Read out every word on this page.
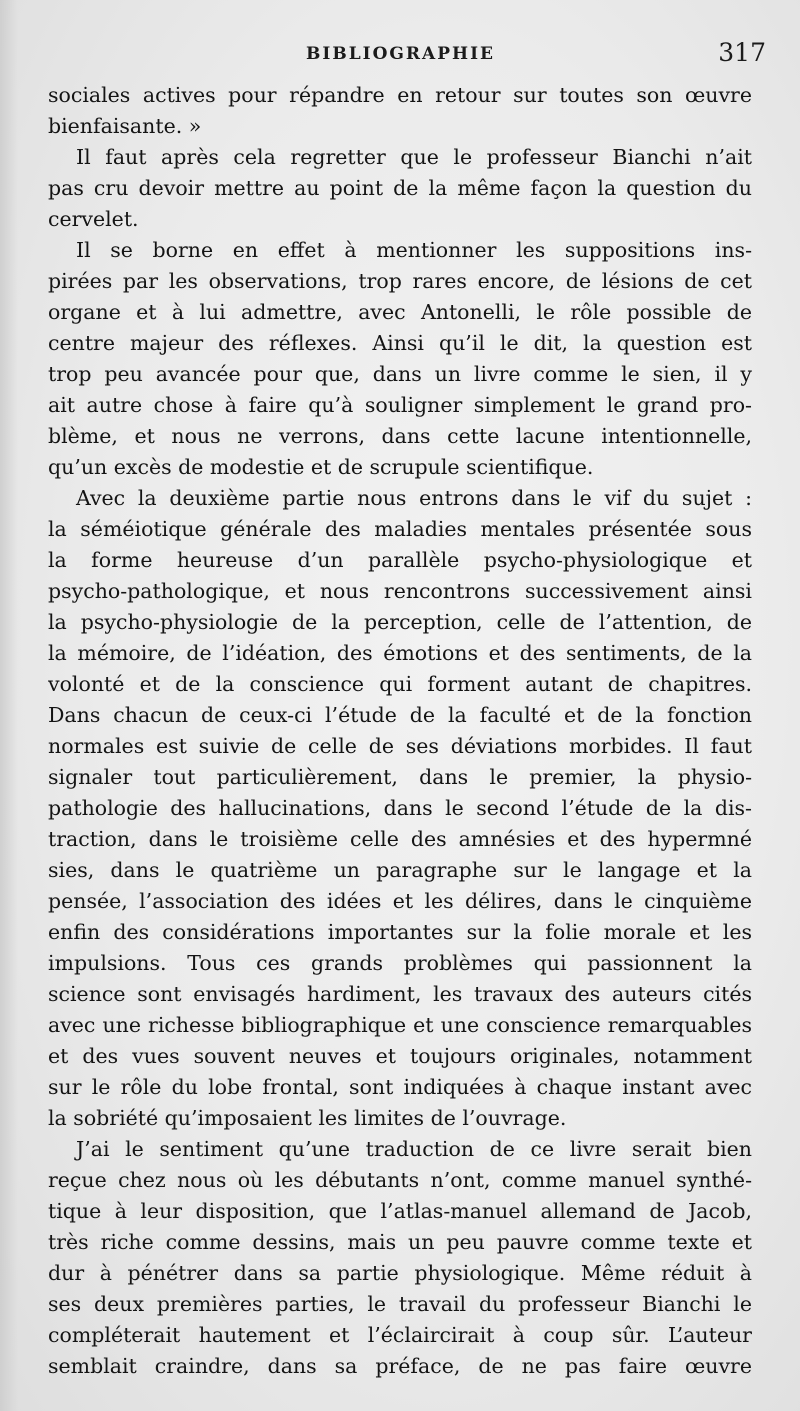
BIBLIOGRAPHIE	317
sociales actives pour répandre en retour sur toutes son œuvre
bienfaisante. »
Il faut après cela regretter que le professeur Bianchi n’ait
pas cru devoir mettre au point de la même façon la question du
cervelet.
Il se borne en effet à mentionner les suppositions ins-
pirées par les observations, trop rares encore, de lésions de cet
organe et à lui admettre, avec Antonelli, le rôle possible de
centre majeur des réflexes. Ainsi qu’il le dit, la question est
trop peu avancée pour que, dans un livre comme le sien, il y
ait autre chose à faire qu’à souligner simplement le grand pro-
blème, et nous ne verrons, dans cette lacune intentionnelle,
qu’un excès de modestie et de scrupule scientifique.
Avec la deuxième partie nous entrons dans le vif du sujet :
la séméiotique générale des maladies mentales présentée sous
la forme heureuse d’un parallèle psycho-physiologique et
psycho-pathologique, et nous rencontrons successivement ainsi
la psycho-physiologie de la perception, celle de l’attention, de
la mémoire, de l’idéation, des émotions et des sentiments, de la
volonté et de la conscience qui forment autant de chapitres.
Dans chacun de ceux-ci l’étude de la faculté et de la fonction
normales est suivie de celle de ses déviations morbides. Il faut
signaler tout particulièrement, dans le premier, la physio-
pathologie des hallucinations, dans le second l’étude de la dis-
traction, dans le troisième celle des amnésies et des hypermné
sies, dans le quatrième un paragraphe sur le langage et la
pensée, l’association des idées et les délires, dans le cinquième
enfin des considérations importantes sur la folie morale et les
impulsions. Tous ces grands problèmes qui passionnent la
science sont envisagés hardiment, les travaux des auteurs cités
avec une richesse bibliographique et une conscience remarquables
et des vues souvent neuves et toujours originales, notamment
sur le rôle du lobe frontal, sont indiquées à chaque instant avec
la sobriété qu’imposaient les limites de l’ouvrage.
J’ai le sentiment qu’une traduction de ce livre serait bien
reçue chez nous où les débutants n’ont, comme manuel synthé-
tique à leur disposition, que l’atlas-manuel allemand de Jacob,
très riche comme dessins, mais un peu pauvre comme texte et
dur à pénétrer dans sa partie physiologique. Même réduit à
ses deux premières parties, le travail du professeur Bianchi le
compléterait hautement et l’éclaircirait à coup sûr. L’auteur
semblait craindre, dans sa préface, de ne pas faire œuvre
